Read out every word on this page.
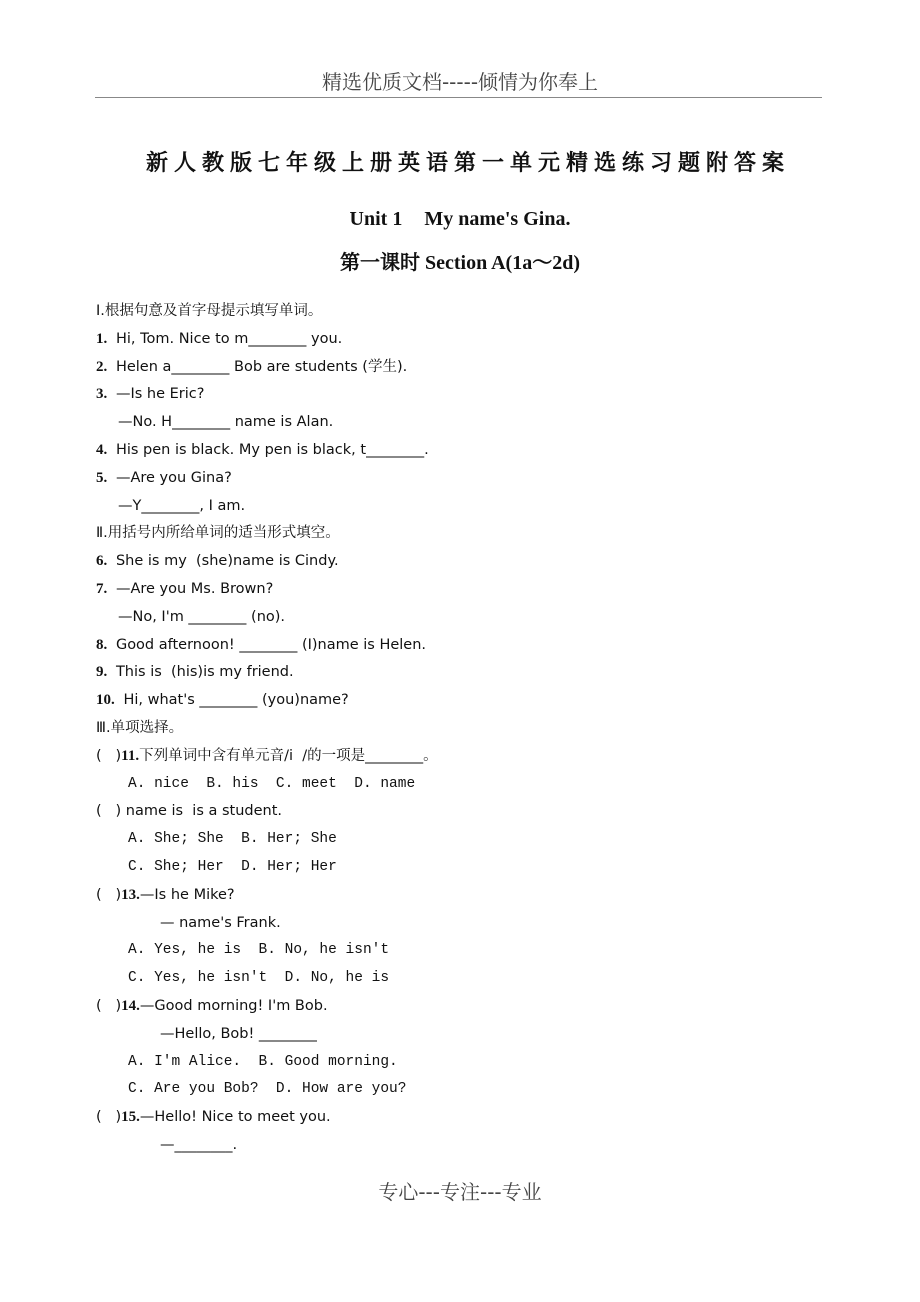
精选优质文档-----倾情为你奉上
新人教版七年级上册英语第一单元精选练习题附答案
Unit 1 My name's Gina.
第一课时 Section A(1a～2d)
Ⅰ.根据句意及首字母提示填写单词。
1. Hi, Tom. Nice to m________ you.
2. Helen a________ Bob are students (学生).
3. —Is he Eric?
—No. H________ name is Alan.
4. His pen is black. My pen is black, t________.
5. —Are you Gina?
—Y________, I am.
Ⅱ.用括号内所给单词的适当形式填空。
6. She is my  (she)name is Cindy.
7. —Are you Ms. Brown?
—No, I'm ________ (no).
8. Good afternoon! ________ (I)name is Helen.
9. This is  (his)is my friend.
10. Hi, what's ________ (you)name?
Ⅲ.单项选择。
(   )11.下列单词中含有单元音/i  /的一项是________。
A. nice  B. his  C. meet  D. name
(   ) name is  is a student.
A. She; She  B. Her; She
C. She; Her  D. Her; Her
(   )13.—Is he Mike?
— name's Frank.
A. Yes, he is  B. No, he isn't
C. Yes, he isn't  D. No, he is
(   )14.—Good morning! I'm Bob.
—Hello, Bob! ________
A. I'm Alice.  B. Good morning.
C. Are you Bob?  D. How are you?
(   )15.—Hello! Nice to meet you.
—________.
专心---专注---专业
